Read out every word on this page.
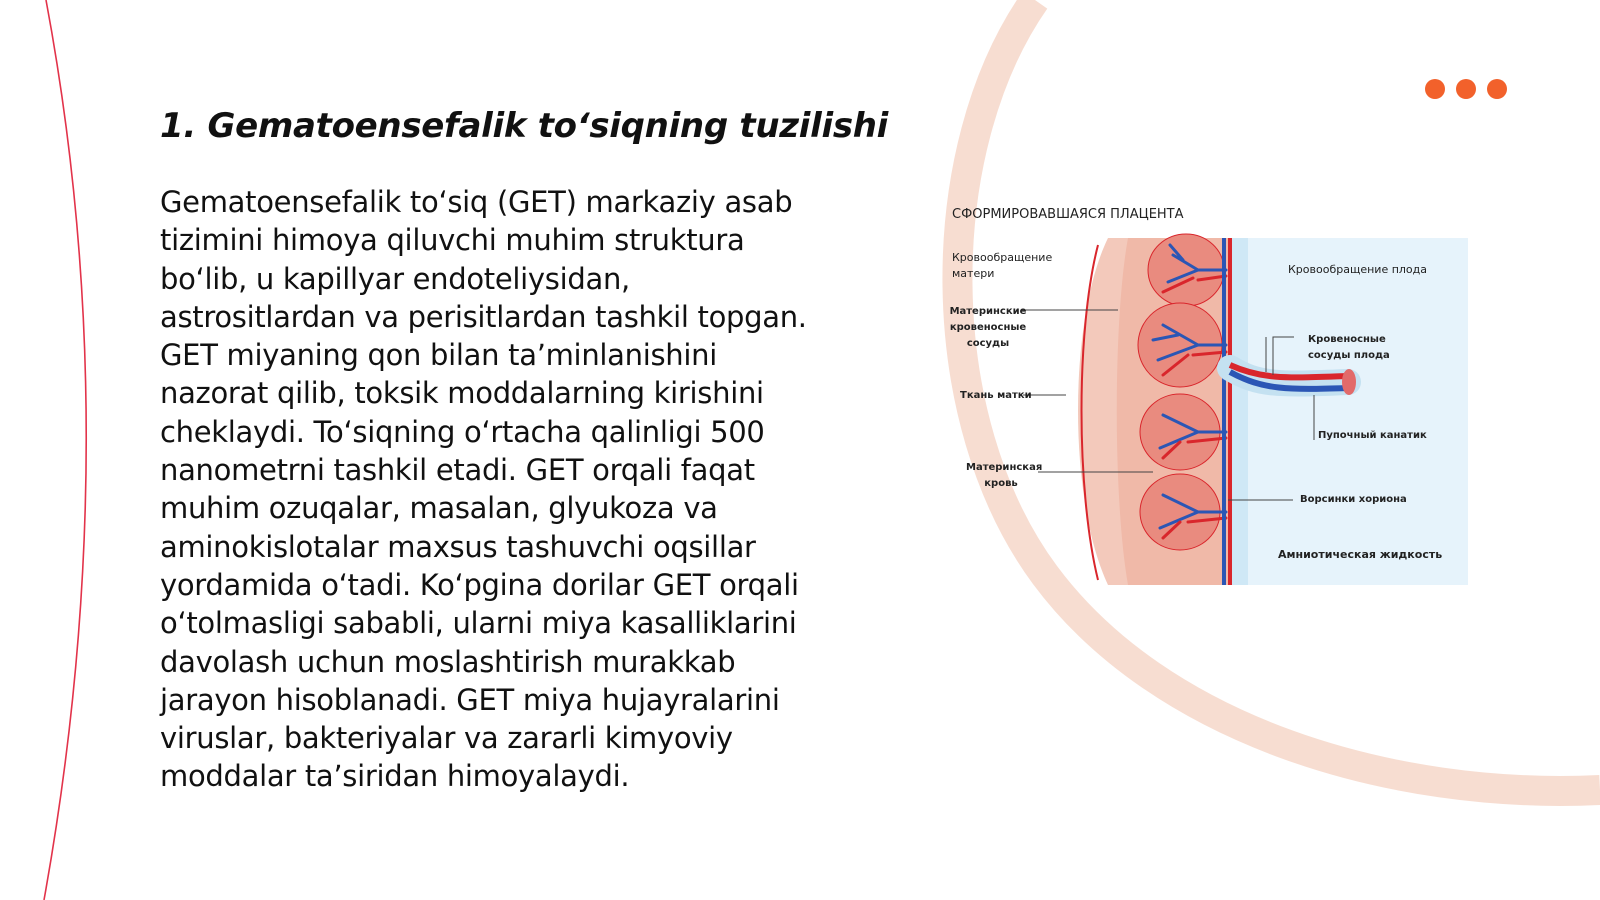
1. Gematoensefalik to‘siqning tuzilishi

Gematoensefalik to‘siq (GET) markaziy asab tizimini himoya qiluvchi muhim struktura bo‘lib, u kapillyar endoteliysidan, astrositlardan va perisitlardan tashkil topgan. GET miyaning qon bilan ta’minlanishini nazorat qilib, toksik moddalarning kirishini cheklaydi. To‘siqning o‘rtacha qalinligi 500 nanometrni tashkil etadi. GET orqali faqat muhim ozuqalar, masalan, glyukoza va aminokislotalar maxsus tashuvchi oqsillar yordamida o‘tadi. Ko‘pgina dorilar GET orqali o‘tolmasligi sababli, ularni miya kasalliklarini davolash uchun moslashtirish murakkab jarayon hisoblanadi. GET miya hujayralarini viruslar, bakteriyalar va zararli kimyoviy moddalar ta’siridan himoyalaydi.

СФОРМИРОВАВШАЯСЯ ПЛАЦЕНТА
Кровообращение матери	Кровообращение плода
Материнские кровеносные сосуды	Кровеносные сосуды плода
Ткань матки
Пупочный канатик
Материнская кровь
Ворсинки хориона
Амниотическая жидкость
